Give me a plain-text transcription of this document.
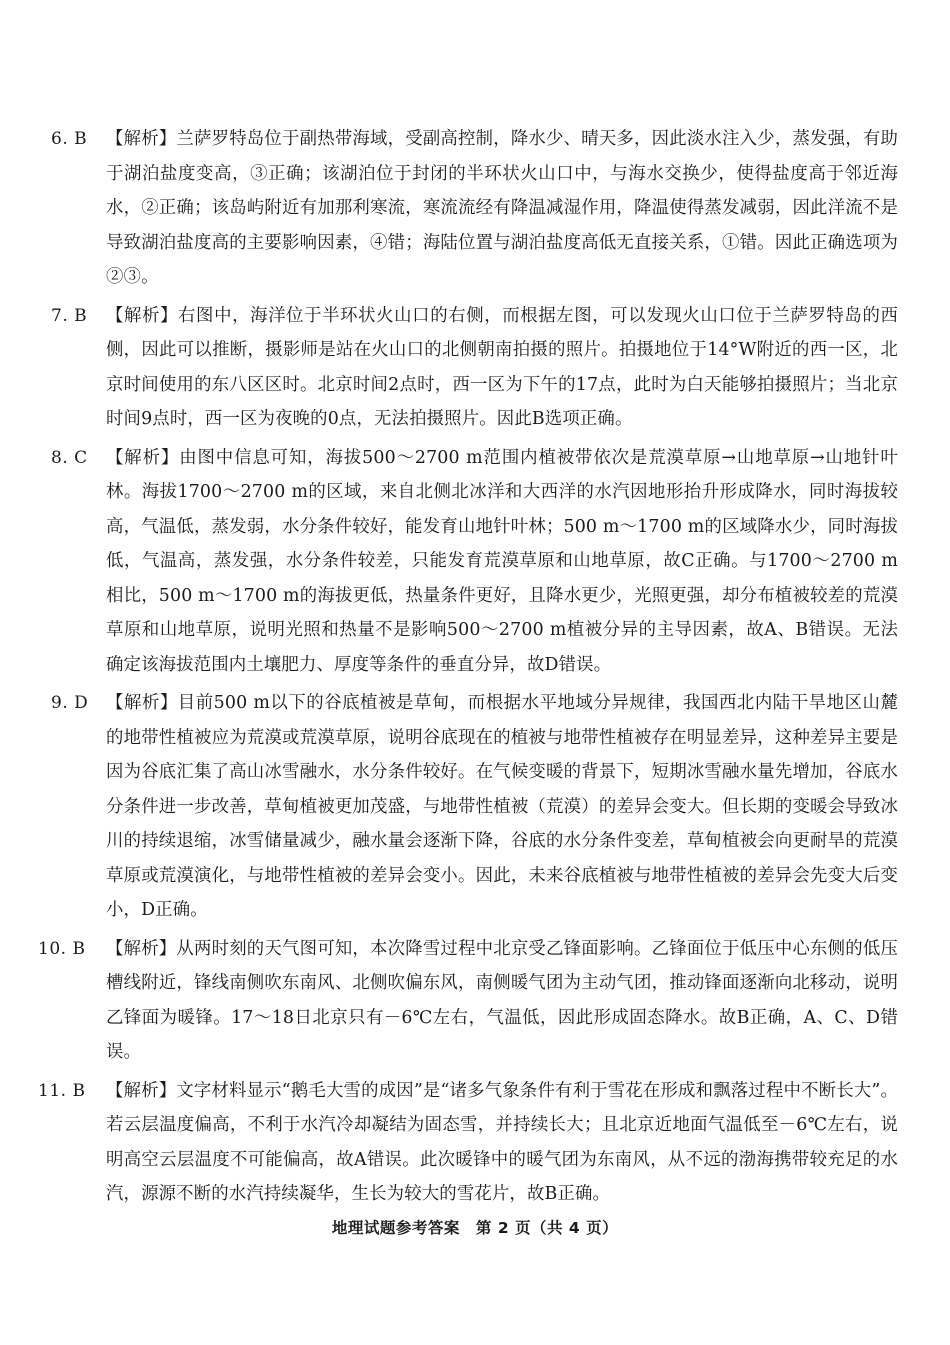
6. B 【解析】兰萨罗特岛位于副热带海域，受副高控制，降水少、晴天多，因此淡水注入少，蒸发强，有助于湖泊盐度变高，③正确；该湖泊位于封闭的半环状火山口中，与海水交换少，使得盐度高于邻近海水，②正确；该岛屿附近有加那利寒流，寒流流经有降温减湿作用，降温使得蒸发减弱，因此洋流不是导致湖泊盐度高的主要影响因素，④错；海陆位置与湖泊盐度高低无直接关系，①错。因此正确选项为②③。
7. B 【解析】右图中，海洋位于半环状火山口的右侧，而根据左图，可以发现火山口位于兰萨罗特岛的西侧，因此可以推断，摄影师是站在火山口的北侧朝南拍摄的照片。拍摄地位于14°W附近的西一区，北京时间使用的东八区区时。北京时间2点时，西一区为下午的17点，此时为白天能够拍摄照片；当北京时间9点时，西一区为夜晚的0点，无法拍摄照片。因此B选项正确。
8. C 【解析】由图中信息可知，海拔500～2700 m范围内植被带依次是荒漠草原→山地草原→山地针叶林。海拔1700～2700 m的区域，来自北侧北冰洋和大西洋的水汽因地形抬升形成降水，同时海拔较高，气温低，蒸发弱，水分条件较好，能发育山地针叶林；500 m～1700 m的区域降水少，同时海拔低，气温高，蒸发强，水分条件较差，只能发育荒漠草原和山地草原，故C正确。与1700～2700 m相比，500 m～1700 m的海拔更低，热量条件更好，且降水更少，光照更强，却分布植被较差的荒漠草原和山地草原，说明光照和热量不是影响500～2700 m植被分异的主导因素，故A、B错误。无法确定该海拔范围内土壤肥力、厚度等条件的垂直分异，故D错误。
9. D 【解析】目前500 m以下的谷底植被是草甸，而根据水平地域分异规律，我国西北内陆干旱地区山麓的地带性植被应为荒漠或荒漠草原，说明谷底现在的植被与地带性植被存在明显差异，这种差异主要是因为谷底汇集了高山冰雪融水，水分条件较好。在气候变暖的背景下，短期冰雪融水量先增加，谷底水分条件进一步改善，草甸植被更加茂盛，与地带性植被（荒漠）的差异会变大。但长期的变暖会导致冰川的持续退缩，冰雪储量减少，融水量会逐渐下降，谷底的水分条件变差，草甸植被会向更耐旱的荒漠草原或荒漠演化，与地带性植被的差异会变小。因此，未来谷底植被与地带性植被的差异会先变大后变小，D正确。
10. B 【解析】从两时刻的天气图可知，本次降雪过程中北京受乙锋面影响。乙锋面位于低压中心东侧的低压槽线附近，锋线南侧吹东南风、北侧吹偏东风，南侧暖气团为主动气团，推动锋面逐渐向北移动，说明乙锋面为暖锋。17～18日北京只有－6℃左右，气温低，因此形成固态降水。故B正确，A、C、D错误。
11. B 【解析】文字材料显示“鹅毛大雪的成因”是“诸多气象条件有利于雪花在形成和飘落过程中不断长大”。若云层温度偏高，不利于水汽冷却凝结为固态雪，并持续长大；且北京近地面气温低至－6℃左右，说明高空云层温度不可能偏高，故A错误。此次暖锋中的暖气团为东南风，从不远的渤海携带较充足的水汽，源源不断的水汽持续凝华，生长为较大的雪花片，故B正确。
地理试题参考答案　第 2 页（共 4 页）
